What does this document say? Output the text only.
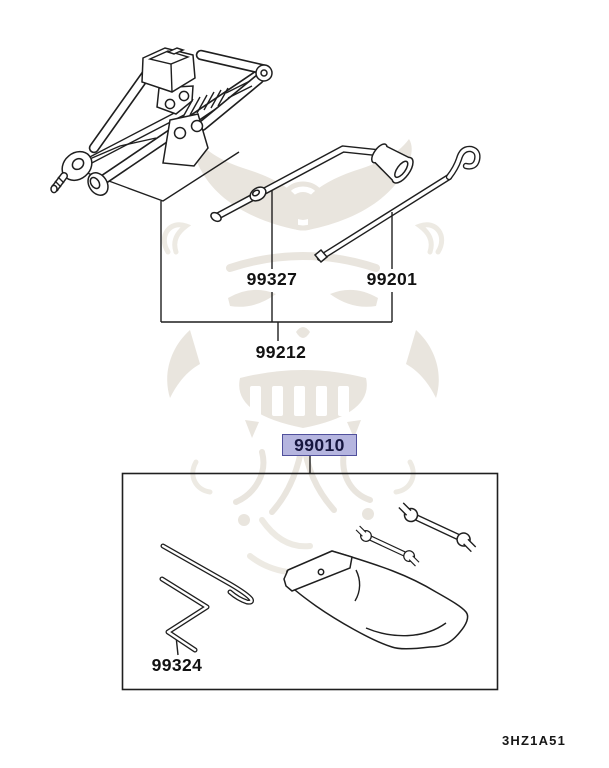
99327	99201
99212
99010
99324
3HZ1A51
